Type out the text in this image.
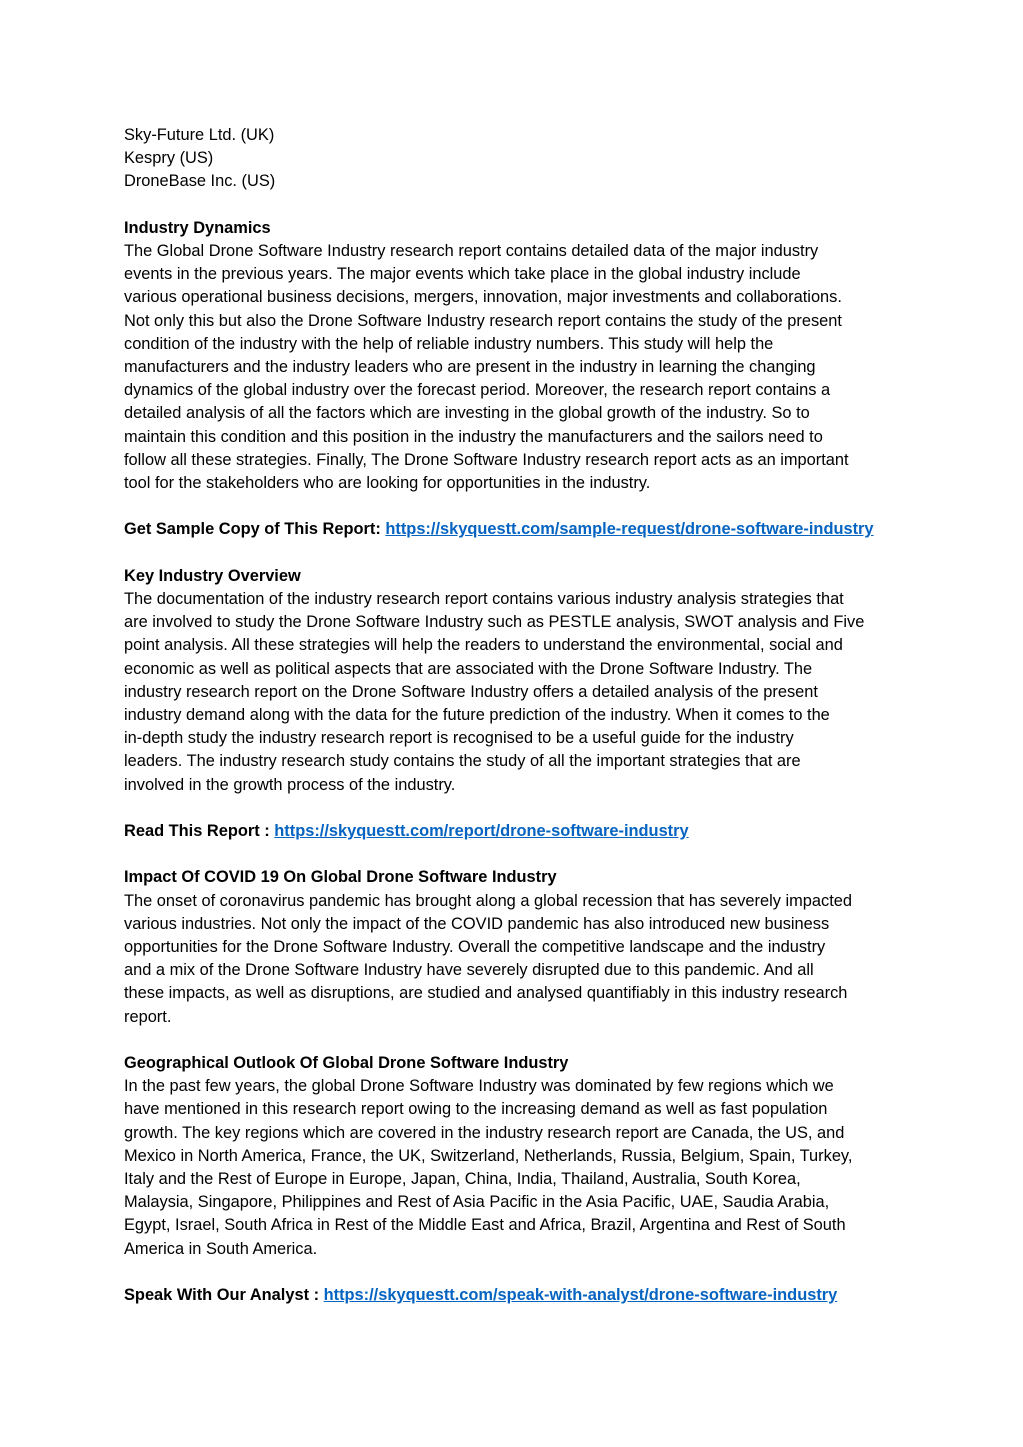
Sky-Future Ltd. (UK)
Kespry (US)
DroneBase Inc. (US)
Industry Dynamics
The Global Drone Software Industry research report contains detailed data of the major industry
events in the previous years. The major events which take place in the global industry include
various operational business decisions, mergers, innovation, major investments and collaborations.
Not only this but also the Drone Software Industry research report contains the study of the present
condition of the industry with the help of reliable industry numbers. This study will help the
manufacturers and the industry leaders who are present in the industry in learning the changing
dynamics of the global industry over the forecast period. Moreover, the research report contains a
detailed analysis of all the factors which are investing in the global growth of the industry. So to
maintain this condition and this position in the industry the manufacturers and the sailors need to
follow all these strategies. Finally, The Drone Software Industry research report acts as an important
tool for the stakeholders who are looking for opportunities in the industry.
Get Sample Copy of This Report: https://skyquestt.com/sample-request/drone-software-industry
Key Industry Overview
The documentation of the industry research report contains various industry analysis strategies that
are involved to study the Drone Software Industry such as PESTLE analysis, SWOT analysis and Five
point analysis. All these strategies will help the readers to understand the environmental, social and
economic as well as political aspects that are associated with the Drone Software Industry. The
industry research report on the Drone Software Industry offers a detailed analysis of the present
industry demand along with the data for the future prediction of the industry. When it comes to the
in-depth study the industry research report is recognised to be a useful guide for the industry
leaders. The industry research study contains the study of all the important strategies that are
involved in the growth process of the industry.
Read This Report : https://skyquestt.com/report/drone-software-industry
Impact Of COVID 19 On Global Drone Software Industry
The onset of coronavirus pandemic has brought along a global recession that has severely impacted
various industries. Not only the impact of the COVID pandemic has also introduced new business
opportunities for the Drone Software Industry. Overall the competitive landscape and the industry
and a mix of the Drone Software Industry have severely disrupted due to this pandemic. And all
these impacts, as well as disruptions, are studied and analysed quantifiably in this industry research
report.
Geographical Outlook Of Global Drone Software Industry
In the past few years, the global Drone Software Industry was dominated by few regions which we
have mentioned in this research report owing to the increasing demand as well as fast population
growth. The key regions which are covered in the industry research report are Canada, the US, and
Mexico in North America, France, the UK, Switzerland, Netherlands, Russia, Belgium, Spain, Turkey,
Italy and the Rest of Europe in Europe, Japan, China, India, Thailand, Australia, South Korea,
Malaysia, Singapore, Philippines and Rest of Asia Pacific in the Asia Pacific, UAE, Saudia Arabia,
Egypt, Israel, South Africa in Rest of the Middle East and Africa, Brazil, Argentina and Rest of South
America in South America.
Speak With Our Analyst : https://skyquestt.com/speak-with-analyst/drone-software-industry
